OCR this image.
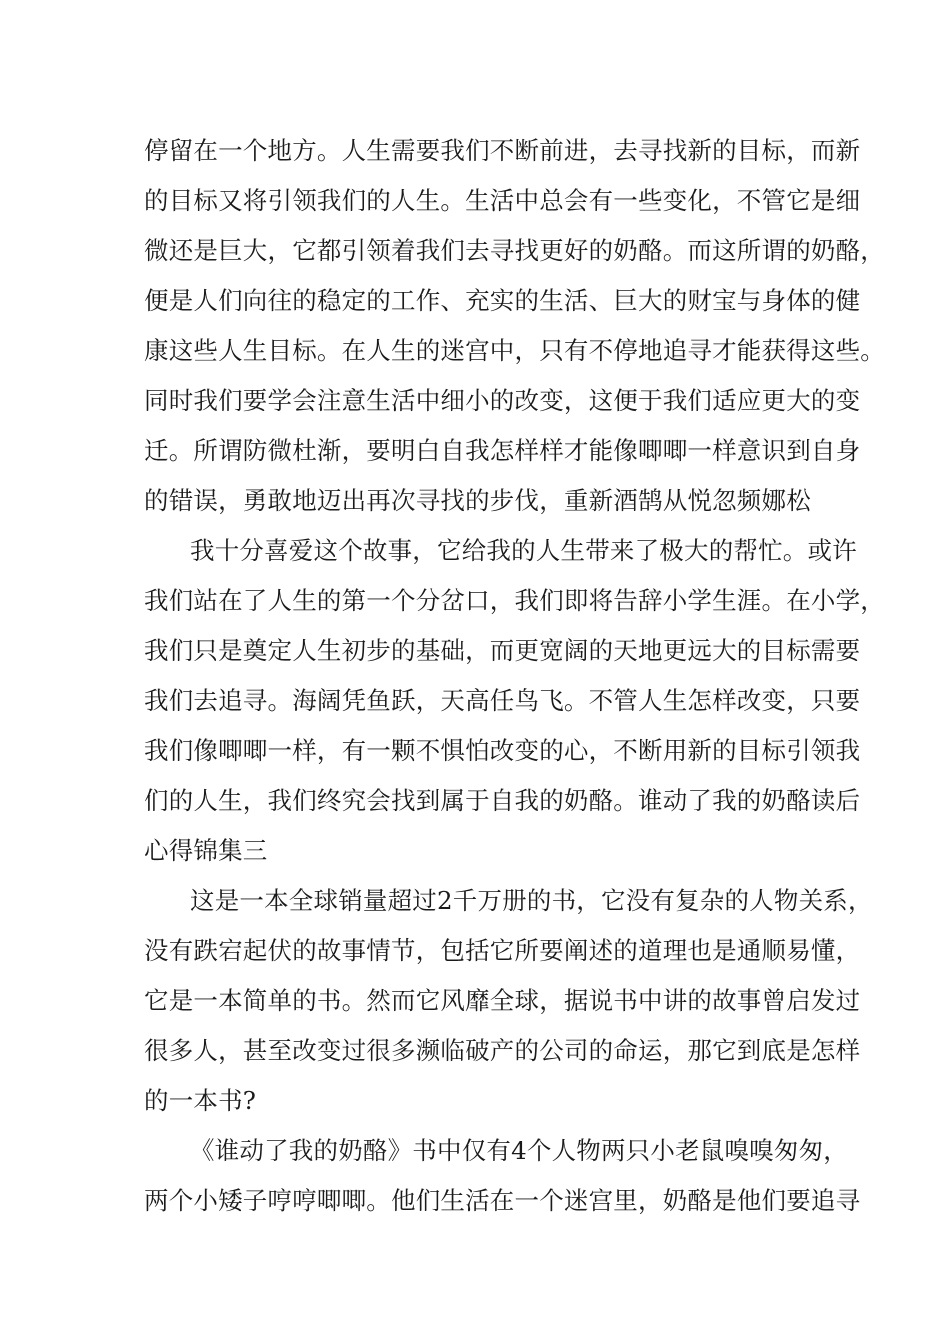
停留在一个地方。人生需要我们不断前进，去寻找新的目标，而新
的目标又将引领我们的人生。生活中总会有一些变化，不管它是细
微还是巨大，它都引领着我们去寻找更好的奶酪。而这所谓的奶酪，
便是人们向往的稳定的工作、充实的生活、巨大的财宝与身体的健
康这些人生目标。在人生的迷宫中，只有不停地追寻才能获得这些。
同时我们要学会注意生活中细小的改变，这便于我们适应更大的变
迁。所谓防微杜渐，要明白自我怎样样才能像唧唧一样意识到自身
的错误，勇敢地迈出再次寻找的步伐，重新酒鹄从悦忽频娜松
我十分喜爱这个故事，它给我的人生带来了极大的帮忙。或许
我们站在了人生的第一个分岔口，我们即将告辞小学生涯。在小学，
我们只是奠定人生初步的基础，而更宽阔的天地更远大的目标需要
我们去追寻。海阔凭鱼跃，天高任鸟飞。不管人生怎样改变，只要
我们像唧唧一样，有一颗不惧怕改变的心，不断用新的目标引领我
们的人生，我们终究会找到属于自我的奶酪。谁动了我的奶酪读后
心得锦集三
这是一本全球销量超过2千万册的书，它没有复杂的人物关系，
没有跌宕起伏的故事情节，包括它所要阐述的道理也是通顺易懂，
它是一本简单的书。然而它风靡全球，据说书中讲的故事曾启发过
很多人，甚至改变过很多濒临破产的公司的命运，那它到底是怎样
的一本书?
《谁动了我的奶酪》书中仅有4个人物两只小老鼠嗅嗅匆匆，
两个小矮子哼哼唧唧。他们生活在一个迷宫里，奶酪是他们要追寻
